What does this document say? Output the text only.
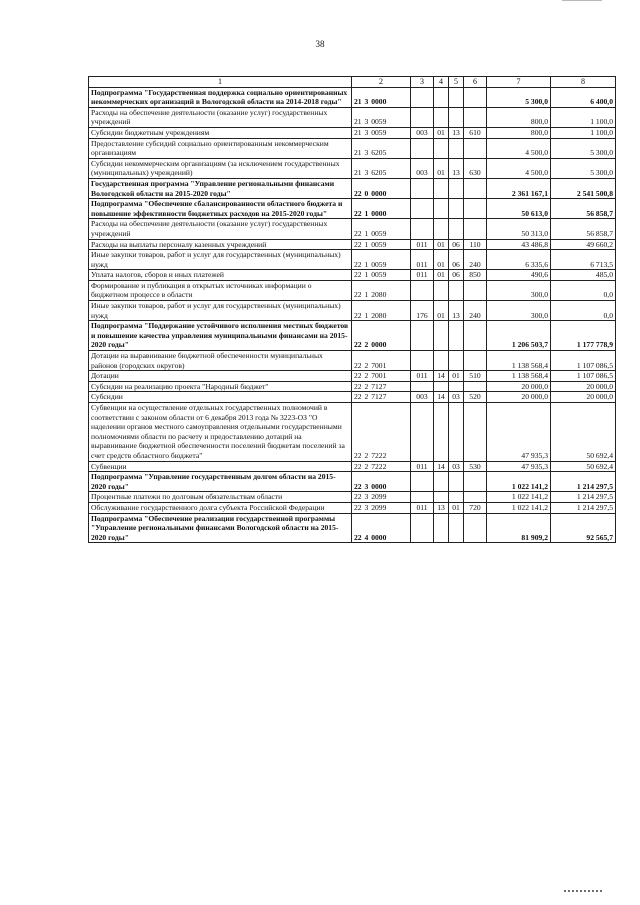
38
1	2	3	4	5	6	7	8
Подпрограмма "Государственная поддержка социально ориентированных некоммерческих организаций в Вологодской области на 2014-2018 годы"	21 3 0000					5 300,0	6 400,0
Расходы на обеспечение деятельности (оказание услуг) государственных учреждений	21 3 0059					800,0	1 100,0
Субсидии бюджетным учреждениям	21 3 0059	003	01	13	610	800,0	1 100,0
Предоставление субсидий социально ориентированным некоммерческим организациям	21 3 6205					4 500,0	5 300,0
Субсидии некоммерческим организациям (за исключением государственных (муниципальных) учреждений)	21 3 6205	003	01	13	630	4 500,0	5 300,0
Государственная программа "Управление региональными финансами Вологодской области на 2015-2020 годы"	22 0 0000					2 361 167,1	2 541 500,8
Подпрограмма "Обеспечение сбалансированности областного бюджета и повышение эффективности бюджетных расходов на 2015-2020 годы"	22 1 0000					50 613,0	56 858,7
Расходы на обеспечение деятельности (оказание услуг) государственных учреждений	22 1 0059					50 313,0	56 858,7
Расходы на выплаты персоналу казенных учреждений	22 1 0059	011	01	06	110	43 486,8	49 660,2
Иные закупки товаров, работ и услуг для государственных (муниципальных) нужд	22 1 0059	011	01	06	240	6 335,6	6 713,5
Уплата налогов, сборов и иных платежей	22 1 0059	011	01	06	850	490,6	485,0
Формирование и публикация в открытых источниках информации о бюджетном процессе в области	22 1 2080					300,0	0,0
Иные закупки товаров, работ и услуг для государственных (муниципальных) нужд	22 1 2080	176	01	13	240	300,0	0,0
Подпрограмма "Поддержание устойчивого исполнения местных бюджетов и повышение качества управления муниципальными финансами на 2015-2020 годы"	22 2 0000					1 206 503,7	1 177 778,9
Дотации на выравнивание бюджетной обеспеченности муниципальных районов (городских округов)	22 2 7001					1 138 568,4	1 107 086,5
Дотации	22 2 7001	011	14	01	510	1 138 568,4	1 107 086,5
Субсидии на реализацию проекта "Народный бюджет"	22 2 7127					20 000,0	20 000,0
Субсидии	22 2 7127	003	14	03	520	20 000,0	20 000,0
Субвенции на осуществление отдельных государственных полномочий в соответствии с законом области от 6 декабря 2013 года № 3223-ОЗ "О наделении органов местного самоуправления отдельными государственными полномочиями области по расчету и предоставлению дотаций на выравнивание бюджетной обеспеченности поселений бюджетам поселений за счет средств областного бюджета"	22 2 7222					47 935,3	50 692,4
Субвенции	22 2 7222	011	14	03	530	47 935,3	50 692,4
Подпрограмма "Управление государственным долгом области на 2015-2020 годы"	22 3 0000					1 022 141,2	1 214 297,5
Процентные платежи по долговым обязательствам области	22 3 2099					1 022 141,2	1 214 297,5
Обслуживание государственного долга субъекта Российской Федерации	22 3 2099	011	13	01	720	1 022 141,2	1 214 297,5
Подпрограмма "Обеспечение реализации государственной программы "Управление региональными финансами Вологодской области на 2015-2020 годы"	22 4 0000					81 909,2	92 565,7
